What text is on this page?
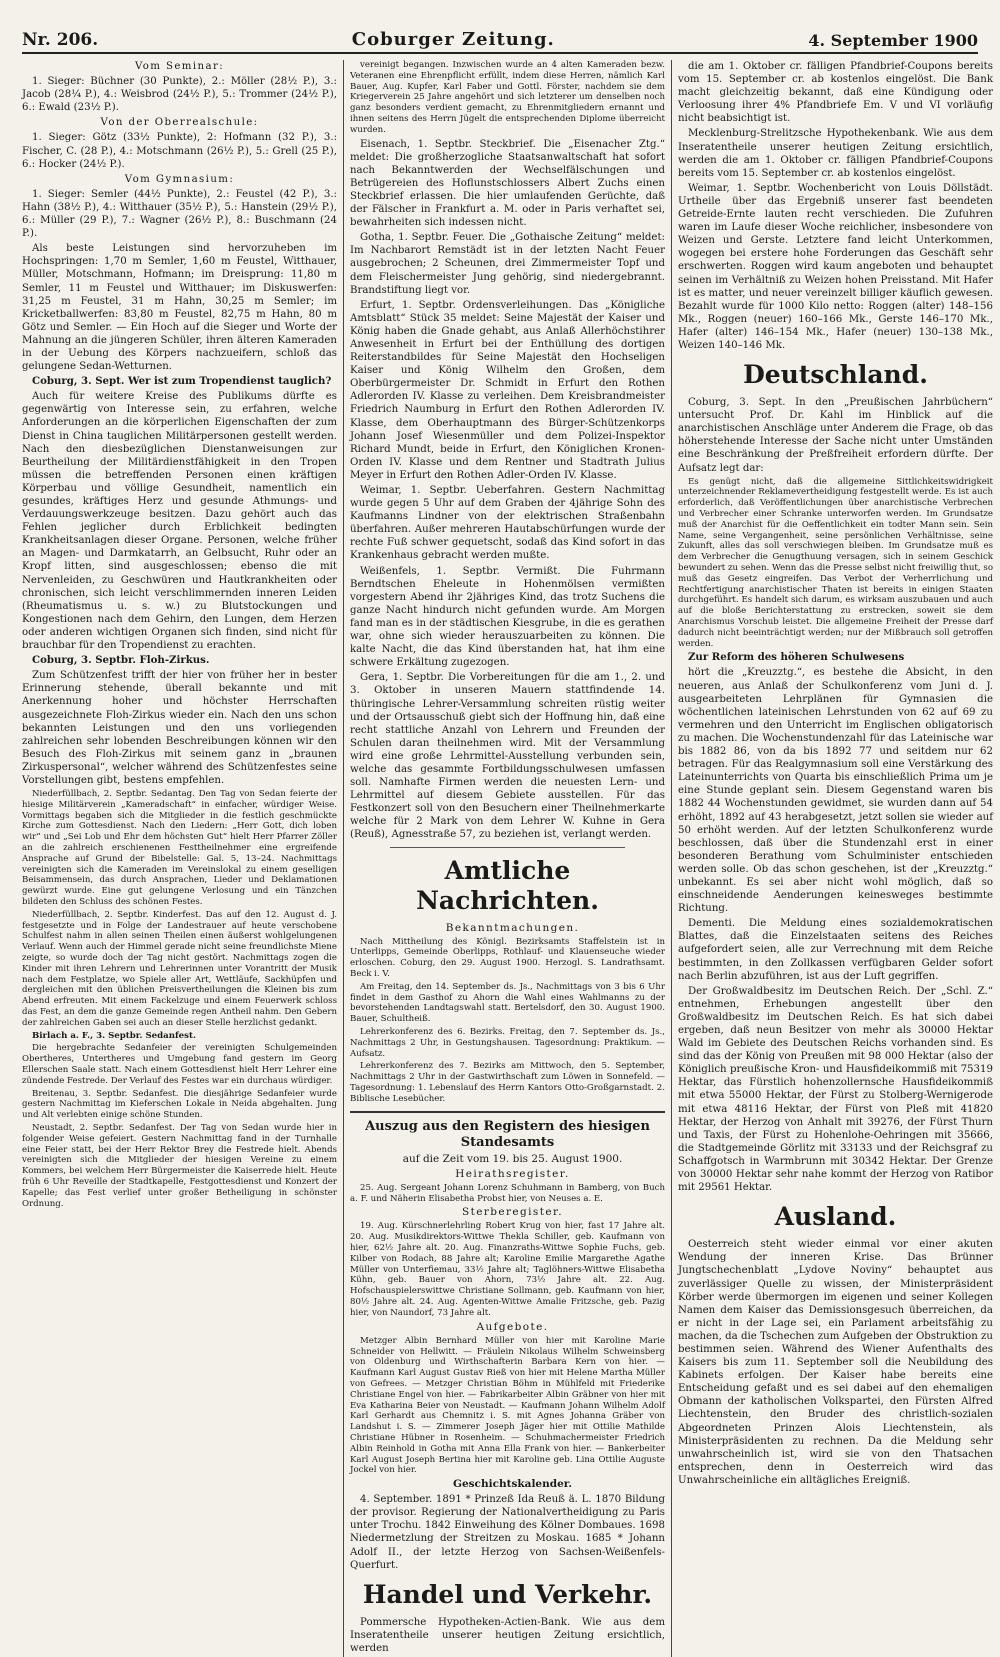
Nr. 206.	Coburger Zeitung.	4. September 1900

Vom Seminar:

1. Sieger: Büchner (30 Punkte), 2.: Möller (28½ P.), 3.: Jacob (28¼ P.), 4.: Weisbrod (24½ P.), 5.: Trommer (24½ P.), 6.: Ewald (23½ P.).

Von der Oberrealschule:

1. Sieger: Götz (33½ Punkte), 2: Hofmann (32 P.), 3.: Fischer, C. (28 P.), 4.: Motschmann (26½ P.), 5.: Grell (25 P.), 6.: Hocker (24½ P.).

Vom Gymnasium:

1. Sieger: Semler (44½ Punkte), 2.: Feustel (42 P.), 3.: Hahn (38½ P.), 4.: Witthauer (35½ P.), 5.: Hanstein (29½ P.), 6.: Müller (29 P.), 7.: Wagner (26½ P.), 8.: Buschmann (24 P.).

Als beste Leistungen sind hervorzuheben im Hochspringen: 1,70 m Semler, 1,60 m Feustel, Witthauer, Müller, Motschmann, Hofmann; im Dreisprung: 11,80 m Semler, 11 m Feustel und Witthauer; im Diskuswerfen: 31,25 m Feustel, 31 m Hahn, 30,25 m Semler; im Kricketballwerfen: 83,80 m Feustel, 82,75 m Hahn, 80 m Götz und Semler. — Ein Hoch auf die Sieger und Worte der Mahnung an die jüngeren Schüler, ihren älteren Kameraden in der Uebung des Körpers nachzueifern, schloß das gelungene Sedan-Wetturnen.

Coburg, 3. Sept. Wer ist zum Tropendienst tauglich?

Auch für weitere Kreise des Publikums dürfte es gegenwärtig von Interesse sein, zu erfahren, welche Anforderungen an die körperlichen Eigenschaften der zum Dienst in China tauglichen Militärpersonen gestellt werden. Nach den diesbezüglichen Dienstanweisungen zur Beurtheilung der Militärdienstfähigkeit in den Tropen müssen die betreffenden Personen einen kräftigen Körperbau und völlige Gesundheit, namentlich ein gesundes, kräftiges Herz und gesunde Athmungs- und Verdauungswerkzeuge besitzen. Dazu gehört auch das Fehlen jeglicher durch Erblichkeit bedingten Krankheitsanlagen dieser Organe. Personen, welche früher an Magen- und Darmkatarrh, an Gelbsucht, Ruhr oder an Kropf litten, sind ausgeschlossen; ebenso die mit Nervenleiden, zu Geschwüren und Hautkrankheiten oder chronischen, sich leicht verschlimmernden inneren Leiden (Rheumatismus u. s. w.) zu Blutstockungen und Kongestionen nach dem Gehirn, den Lungen, dem Herzen oder anderen wichtigen Organen sich finden, sind nicht für brauchbar für den Tropendienst zu erachten.

Coburg, 3. Septbr. Floh-Zirkus.

Zum Schützenfest trifft der hier von früher her in bester Erinnerung stehende, überall bekannte und mit Anerkennung hoher und höchster Herrschaften ausgezeichnete Floh-Zirkus wieder ein. Nach den uns schon bekannten Leistungen und den uns vorliegenden zahlreichen sehr lobenden Beschreibungen können wir den Besuch des Floh-Zirkus mit seinem ganz in „braunen Zirkuspersonal“, welcher während des Schützenfestes seine Vorstellungen gibt, bestens empfehlen.

Niederfüllbach, 2. Septbr. Sedantag. Den Tag von Sedan feierte der hiesige Militärverein „Kameradschaft“ in einfacher, würdiger Weise. Vormittags begaben sich die Mitglieder in die festlich geschmückte Kirche zum Gottesdienst. Nach den Liedern: „Herr Gott, dich loben wir“ und „Sei Lob und Ehr dem höchsten Gut“ hielt Herr Pfarrer Zöller an die zahlreich erschienenen Festtheilnehmer eine ergreifende Ansprache auf Grund der Bibelstelle: Gal. 5, 13–24. Nachmittags vereinigten sich die Kameraden im Vereinslokal zu einem geselligen Beisammensein, das durch Ansprachen, Lieder und Deklamationen gewürzt wurde. Eine gut gelungene Verlosung und ein Tänzchen bildeten den Schluss des schönen Festes.

Niederfüllbach, 2. Septbr. Kinderfest. Das auf den 12. August d. J. festgesetzte und in Folge der Landestrauer auf heute verschobene Schulfest nahm in allen seinen Theilen einen äußerst wohlgelungenen Verlauf. Wenn auch der Himmel gerade nicht seine freundlichste Miene zeigte, so wurde doch der Tag nicht gestört. Nachmittags zogen die Kinder mit ihren Lehrern und Lehrerinnen unter Vorantritt der Musik nach dem Festplatze, wo Spiele aller Art, Wettläufe, Sackhüpfen und dergleichen mit den üblichen Preisvertheilungen die Kleinen bis zum Abend erfreuten. Mit einem Fackelzuge und einem Feuerwerk schloss das Fest, an dem die ganze Gemeinde regen Antheil nahm. Den Gebern der zahlreichen Gaben sei auch an dieser Stelle herzlichst gedankt.

Birlach a. F., 3. Septbr. Sedanfest.

Die hergebrachte Sedanfeier der vereinigten Schulgemeinden Obertheres, Untertheres und Umgebung fand gestern im Georg Ellerschen Saale statt. Nach einem Gottesdienst hielt Herr Lehrer eine zündende Festrede. Der Verlauf des Festes war ein durchaus würdiger.

Breitenau, 3. Septbr. Sedanfest. Die diesjährige Sedanfeier wurde gestern Nachmittag im Kieferschen Lokale in Neida abgehalten. Jung und Alt verlebten einige schöne Stunden.

Neustadt, 2. Septbr. Sedanfest. Der Tag von Sedan wurde hier in folgender Weise gefeiert. Gestern Nachmittag fand in der Turnhalle eine Feier statt, bei der Herr Rektor Brey die Festrede hielt. Abends vereinigten sich die Mitglieder der hiesigen Vereine zu einem Kommers, bei welchem Herr Bürgermeister die Kaiserrede hielt. Heute früh 6 Uhr Reveille der Stadtkapelle, Festgottesdienst und Konzert der Kapelle; das Fest verlief unter großer Betheiligung in schönster Ordnung.

vereinigt begangen. Inzwischen wurde an 4 alten Kameraden bezw. Veteranen eine Ehrenpflicht erfüllt, indem diese Herren, nämlich Karl Bauer, Aug. Kupfer, Karl Faber und Gottl. Förster, nachdem sie dem Kriegerverein 25 Jahre angehört und sich letzterer um denselben noch ganz besonders verdient gemacht, zu Ehrenmitgliedern ernannt und ihnen seitens des Herrn Jügelt die entsprechenden Diplome überreicht wurden.

Eisenach, 1. Septbr. Steckbrief. Die „Eisenacher Ztg.“ meldet: Die großherzogliche Staatsanwaltschaft hat sofort nach Bekanntwerden der Wechselfälschungen und Betrügereien des Hoflunstschlossers Albert Zuchs einen Steckbrief erlassen. Die hier umlaufenden Gerüchte, daß der Fälscher in Frankfurt a. M. oder in Paris verhaftet sei, bewahrheiten sich indessen nicht.

Gotha, 1. Septbr. Feuer. Die „Gothaische Zeitung“ meldet: Im Nachbarort Remstädt ist in der letzten Nacht Feuer ausgebrochen; 2 Scheunen, drei Zimmermeister Topf und dem Fleischermeister Jung gehörig, sind niedergebrannt. Brandstiftung liegt vor.

Erfurt, 1. Septbr. Ordensverleihungen. Das „Königliche Amtsblatt“ Stück 35 meldet: Seine Majestät der Kaiser und König haben die Gnade gehabt, aus Anlaß Allerhöchstihrer Anwesenheit in Erfurt bei der Enthüllung des dortigen Reiterstandbildes für Seine Majestät den Hochseligen Kaiser und König Wilhelm den Großen, dem Oberbürgermeister Dr. Schmidt in Erfurt den Rothen Adlerorden IV. Klasse zu verleihen. Dem Kreisbrandmeister Friedrich Naumburg in Erfurt den Rothen Adlerorden IV. Klasse, dem Oberhauptmann des Bürger-Schützenkorps Johann Josef Wiesenmüller und dem Polizei-Inspektor Richard Mundt, beide in Erfurt, den Königlichen Kronen-Orden IV. Klasse und dem Rentner und Stadtrath Julius Meyer in Erfurt den Rothen Adler-Orden IV. Klasse.

Weimar, 1. Septbr. Ueberfahren. Gestern Nachmittag wurde gegen 5 Uhr auf dem Graben der 4jährige Sohn des Kaufmanns Lindner von der elektrischen Straßenbahn überfahren. Außer mehreren Hautabschürfungen wurde der rechte Fuß schwer gequetscht, sodaß das Kind sofort in das Krankenhaus gebracht werden mußte.

Weißenfels, 1. Septbr. Vermißt. Die Fuhrmann Berndtschen Eheleute in Hohenmölsen vermißten vorgestern Abend ihr 2jähriges Kind, das trotz Suchens die ganze Nacht hindurch nicht gefunden wurde. Am Morgen fand man es in der städtischen Kiesgrube, in die es gerathen war, ohne sich wieder herauszuarbeiten zu können. Die kalte Nacht, die das Kind überstanden hat, hat ihm eine schwere Erkältung zugezogen.

Gera, 1. Septbr. Die Vorbereitungen für die am 1., 2. und 3. Oktober in unseren Mauern stattfindende 14. thüringische Lehrer-Versammlung schreiten rüstig weiter und der Ortsausschuß giebt sich der Hoffnung hin, daß eine recht stattliche Anzahl von Lehrern und Freunden der Schulen daran theilnehmen wird. Mit der Versammlung wird eine große Lehrmittel-Ausstellung verbunden sein, welche das gesammte Fortbildungsschulwesen umfassen soll. Namhafte Firmen werden die neuesten Lern- und Lehrmittel auf diesem Gebiete ausstellen. Für das Festkonzert soll von den Besuchern einer Theilnehmerkarte welche für 2 Mark von dem Lehrer W. Kuhne in Gera (Reuß), Agnesstraße 57, zu beziehen ist, verlangt werden.

Amtliche Nachrichten.

Bekanntmachungen.

Nach Mittheilung des Königl. Bezirksamts Staffelstein ist in Unterlipps, Gemeinde Oberlipps, Rothlauf- und Klauenseuche wieder erloschen. Coburg, den 29. August 1900. Herzogl. S. Landrathsamt. Beck i. V.

Am Freitag, den 14. September ds. Js., Nachmittags von 3 bis 6 Uhr findet in dem Gasthof zu Ahorn die Wahl eines Wahlmanns zu der bevorstehenden Landtagswahl statt. Bertelsdorf, den 30. August 1900. Bauer, Schultheiß.

Lehrerkonferenz des 6. Bezirks. Freitag, den 7. September ds. Js., Nachmittags 2 Uhr, in Gestungshausen. Tagesordnung: Praktikum. — Aufsatz.

Lehrerkonferenz des 7. Bezirks am Mittwoch, den 5. September, Nachmittags 2 Uhr in der Gastwirthschaft zum Löwen in Sonnefeld. — Tagesordnung: 1. Lebenslauf des Herrn Kantors Otto-Großgarnstadt. 2. Biblische Lesebücher.

Auszug aus den Registern des hiesigen Standesamts

auf die Zeit vom 19. bis 25. August 1900.

Heirathsregister.

25. Aug. Sergeant Johann Lorenz Schuhmann in Bamberg, von Buch a. F. und Näherin Elisabetha Probst hier, von Neuses a. E.

Sterberegister.

19. Aug. Kürschnerlehrling Robert Krug von hier, fast 17 Jahre alt. 20. Aug. Musikdirektors-Wittwe Thekla Schiller, geb. Kaufmann von hier, 62½ Jahre alt. 20. Aug. Finanzraths-Wittwe Sophie Fuchs, geb. Kilber von Rodach, 88 Jahre alt; Karoline Emilie Margarethe Agathe Müller von Unterfiemau, 33½ Jahre alt; Taglöhners-Wittwe Elisabetha Kühn, geb. Bauer von Ahorn, 73½ Jahre alt. 22. Aug. Hofschauspielerswittwe Christiane Sollmann, geb. Kaufmann von hier, 80½ Jahre alt. 24. Aug. Agenten-Wittwe Amalie Fritzsche, geb. Pazig hier, von Naundorf, 73 Jahre alt.

Aufgebote.

Metzger Albin Bernhard Müller von hier mit Karoline Marie Schneider von Hellwitt. — Fräulein Nikolaus Wilhelm Schweinsberg von Oldenburg und Wirthschafterin Barbara Kern von hier. — Kaufmann Karl August Gustav Rieß von hier mit Helene Martha Müller von Gefrees. — Metzger Christian Böhm in Mühlfeld mit Friederike Christiane Engel von hier. — Fabrikarbeiter Albin Gräbner von hier mit Eva Katharina Beier von Neustadt. — Kaufmann Johann Wilhelm Adolf Karl Gerhardt aus Chemnitz i. S. mit Agnes Johanna Gräber von Landshut i. S. — Zimmerer Joseph Jäger hier mit Ottilie Mathilde Christiane Hübner in Rosenheim. — Schuhmachermeister Friedrich Albin Reinhold in Gotha mit Anna Ella Frank von hier. — Bankerbeiter Karl August Joseph Bertina hier mit Karoline geb. Lina Ottilie Auguste Jockel von hier.

Geschichtskalender.

4. September. 1891 * Prinzeß Ida Reuß ä. L. 1870 Bildung der provisor. Regierung der Nationalvertheidigung zu Paris unter Trochu. 1842 Einweihung des Kölner Dombaues. 1698 Niedermetzlung der Streitzen zu Moskau. 1685 * Johann Adolf II., der letzte Herzog von Sachsen-Weißenfels-Querfurt.

Handel und Verkehr.

Pommersche Hypotheken-Actien-Bank. Wie aus dem Inseratentheile unserer heutigen Zeitung ersichtlich, werden

die am 1. Oktober cr. fälligen Pfandbrief-Coupons bereits vom 15. September cr. ab kostenlos eingelöst. Die Bank macht gleichzeitig bekannt, daß eine Kündigung oder Verloosung ihrer 4% Pfandbriefe Em. V und VI vorläufig nicht beabsichtigt ist.

Mecklenburg-Strelitzsche Hypothekenbank. Wie aus dem Inseratentheile unserer heutigen Zeitung ersichtlich, werden die am 1. Oktober cr. fälligen Pfandbrief-Coupons bereits vom 15. September cr. ab kostenlos eingelöst.

Weimar, 1. Septbr. Wochenbericht von Louis Döllstädt. Urtheile über das Ergebniß unserer fast beendeten Getreide-Ernte lauten recht verschieden. Die Zufuhren waren im Laufe dieser Woche reichlicher, insbesondere von Weizen und Gerste. Letztere fand leicht Unterkommen, wogegen bei erstere hohe Forderungen das Geschäft sehr erschwerten. Roggen wird kaum angeboten und behauptet seinen im Verhältniß zu Weizen hohen Preisstand. Mit Hafer ist es matter, und neuer vereinzelt billiger käuflich gewesen. Bezahlt wurde für 1000 Kilo netto: Roggen (alter) 148–156 Mk., Roggen (neuer) 160–166 Mk., Gerste 146–170 Mk., Hafer (alter) 146–154 Mk., Hafer (neuer) 130–138 Mk., Weizen 140–146 Mk.

Deutschland.

Coburg, 3. Sept. In den „Preußischen Jahrbüchern“ untersucht Prof. Dr. Kahl im Hinblick auf die anarchistischen Anschläge unter Anderem die Frage, ob das höherstehende Interesse der Sache nicht unter Umständen eine Beschränkung der Preßfreiheit erfordern dürfte. Der Aufsatz legt dar:

Es genügt nicht, daß die allgemeine Sittlichkeitswidrigkeit unterzeichnender Reklamevertheidigung festgestellt werde. Es ist auch erforderlich, daß Veröffentlichungen über anarchistische Verbrechen und Verbrecher einer Schranke unterworfen werden. Im Grundsatze muß der Anarchist für die Oeffentlichkeit ein todter Mann sein. Sein Name, seine Vergangenheit, seine persönlichen Verhältnisse, seine Zukunft, alles das soll verschwiegen bleiben. Im Grundsatze muß es dem Verbrecher die Genugthuung versagen, sich in seinem Geschick bewundert zu sehen. Wenn das die Presse selbst nicht freiwillig thut, so muß das Gesetz eingreifen. Das Verbot der Verherrlichung und Rechtfertigung anarchistischer Thaten ist bereits in einigen Staaten durchgeführt. Es handelt sich darum, es wirksam auszubauen und auch auf die bloße Berichterstattung zu erstrecken, soweit sie dem Anarchismus Vorschub leistet. Die allgemeine Freiheit der Presse darf dadurch nicht beeinträchtigt werden; nur der Mißbrauch soll getroffen werden.

Zur Reform des höheren Schulwesens

hört die „Kreuzztg.“, es bestehe die Absicht, in den neueren, aus Anlaß der Schulkonferenz vom Juni d. J. ausgearbeiteten Lehrplänen für Gymnasien die wöchentlichen lateinischen Lehrstunden von 62 auf 69 zu vermehren und den Unterricht im Englischen obligatorisch zu machen. Die Wochenstundenzahl für das Lateinische war bis 1882 86, von da bis 1892 77 und seitdem nur 62 betragen. Für das Realgymnasium soll eine Verstärkung des Lateinunterrichts von Quarta bis einschließlich Prima um je eine Stunde geplant sein. Diesem Gegenstand waren bis 1882 44 Wochenstunden gewidmet, sie wurden dann auf 54 erhöht, 1892 auf 43 herabgesetzt, jetzt sollen sie wieder auf 50 erhöht werden. Auf der letzten Schulkonferenz wurde beschlossen, daß über die Stundenzahl erst in einer besonderen Berathung vom Schulminister entschieden werden solle. Ob das schon geschehen, ist der „Kreuzztg.“ unbekannt. Es sei aber nicht wohl möglich, daß so einschneidende Aenderungen keinesweges bestimmte Richtung.

Dementi. Die Meldung eines sozialdemokratischen Blattes, daß die Einzelstaaten seitens des Reiches aufgefordert seien, alle zur Verrechnung mit dem Reiche bestimmten, in den Zollkassen verfügbaren Gelder sofort nach Berlin abzuführen, ist aus der Luft gegriffen.

Der Großwaldbesitz im Deutschen Reich. Der „Schl. Z.“ entnehmen, Erhebungen angestellt über den Großwaldbesitz im Deutschen Reich. Es hat sich dabei ergeben, daß neun Besitzer von mehr als 30000 Hektar Wald im Gebiete des Deutschen Reichs vorhanden sind. Es sind das der König von Preußen mit 98 000 Hektar (also der Königlich preußische Kron- und Hausfideikommiß mit 75319 Hektar, das Fürstlich hohenzollernsche Hausfideikommiß mit etwa 55000 Hektar, der Fürst zu Stolberg-Wernigerode mit etwa 48116 Hektar, der Fürst von Pleß mit 41820 Hektar, der Herzog von Anhalt mit 39276, der Fürst Thurn und Taxis, der Fürst zu Hohenlohe-Oehringen mit 35666, die Stadtgemeinde Görlitz mit 33133 und der Reichsgraf zu Schaffgotsch in Warmbrunn mit 30342 Hektar. Der Grenze von 30000 Hektar sehr nahe kommt der Herzog von Ratibor mit 29561 Hektar.

Ausland.

Oesterreich steht wieder einmal vor einer akuten Wendung der inneren Krise. Das Brünner Jungtschechenblatt „Lydove Noviny“ behauptet aus zuverlässiger Quelle zu wissen, der Ministerpräsident Körber werde übermorgen im eigenen und seiner Kollegen Namen dem Kaiser das Demissionsgesuch überreichen, da er nicht in der Lage sei, ein Parlament arbeitsfähig zu machen, da die Tschechen zum Aufgeben der Obstruktion zu bestimmen seien. Während des Wiener Aufenthalts des Kaisers bis zum 11. September soll die Neubildung des Kabinets erfolgen. Der Kaiser habe bereits eine Entscheidung gefaßt und es sei dabei auf den ehemaligen Obmann der katholischen Volkspartei, den Fürsten Alfred Liechtenstein, den Bruder des christlich-sozialen Abgeordneten Prinzen Alois Liechtenstein, als Ministerpräsidenten zu rechnen. Da die Meldung sehr unwahrscheinlich ist, wird sie von den Thatsachen entsprechen, denn in Oesterreich wird das Unwahrscheinliche ein alltägliches Ereigniß.
